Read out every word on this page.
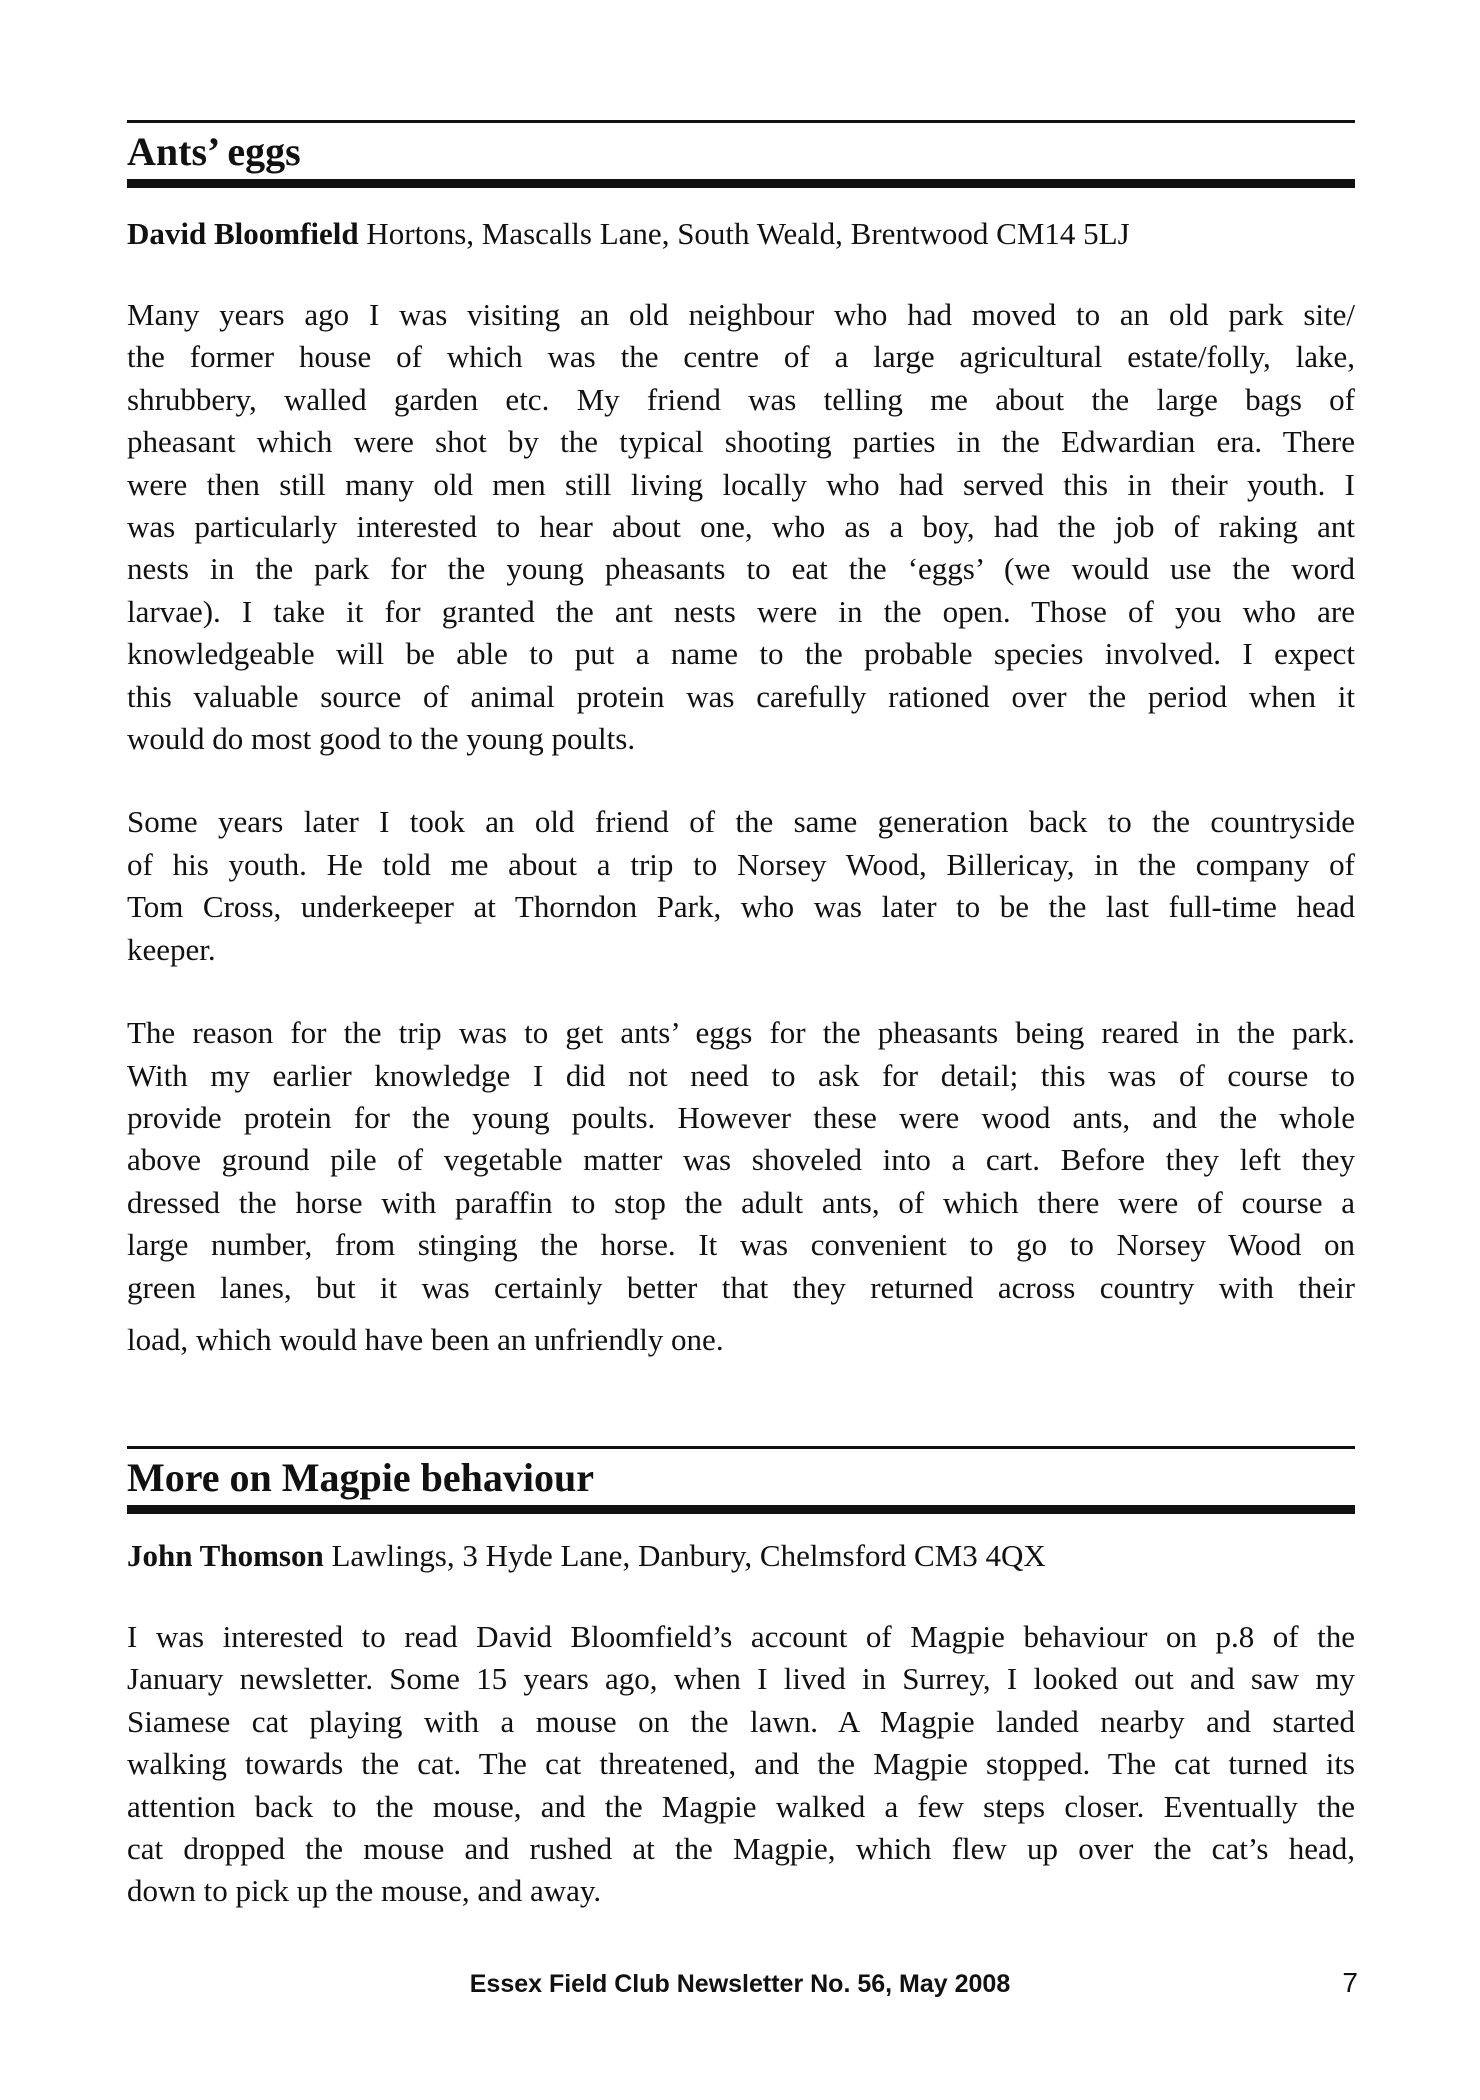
Ants’ eggs

David Bloomfield Hortons, Mascalls Lane, South Weald, Brentwood CM14 5LJ

Many years ago I was visiting an old neighbour who had moved to an old park site/
the former house of which was the centre of a large agricultural estate/folly, lake,
shrubbery, walled garden etc. My friend was telling me about the large bags of
pheasant which were shot by the typical shooting parties in the Edwardian era. There
were then still many old men still living locally who had served this in their youth. I
was particularly interested to hear about one, who as a boy, had the job of raking ant
nests in the park for the young pheasants to eat the ‘eggs’ (we would use the word
larvae). I take it for granted the ant nests were in the open. Those of you who are
knowledgeable will be able to put a name to the probable species involved. I expect
this valuable source of animal protein was carefully rationed over the period when it
would do most good to the young poults.
Some years later I took an old friend of the same generation back to the countryside
of his youth. He told me about a trip to Norsey Wood, Billericay, in the company of
Tom Cross, underkeeper at Thorndon Park, who was later to be the last full-time head
keeper.
The reason for the trip was to get ants’ eggs for the pheasants being reared in the park.
With my earlier knowledge I did not need to ask for detail; this was of course to
provide protein for the young poults. However these were wood ants, and the whole
above ground pile of vegetable matter was shoveled into a cart. Before they left they
dressed the horse with paraffin to stop the adult ants, of which there were of course a
large number, from stinging the horse. It was convenient to go to Norsey Wood on
green lanes, but it was certainly better that they returned across country with their
load, which would have been an unfriendly one.
More on Magpie behaviour

John Thomson Lawlings, 3 Hyde Lane, Danbury, Chelmsford CM3 4QX

I was interested to read David Bloomfield’s account of Magpie behaviour on p.8 of the
January newsletter. Some 15 years ago, when I lived in Surrey, I looked out and saw my
Siamese cat playing with a mouse on the lawn. A Magpie landed nearby and started
walking towards the cat. The cat threatened, and the Magpie stopped. The cat turned its
attention back to the mouse, and the Magpie walked a few steps closer. Eventually the
cat dropped the mouse and rushed at the Magpie, which flew up over the cat’s head,
down to pick up the mouse, and away.
Essex Field Club Newsletter No. 56, May 2008	7
